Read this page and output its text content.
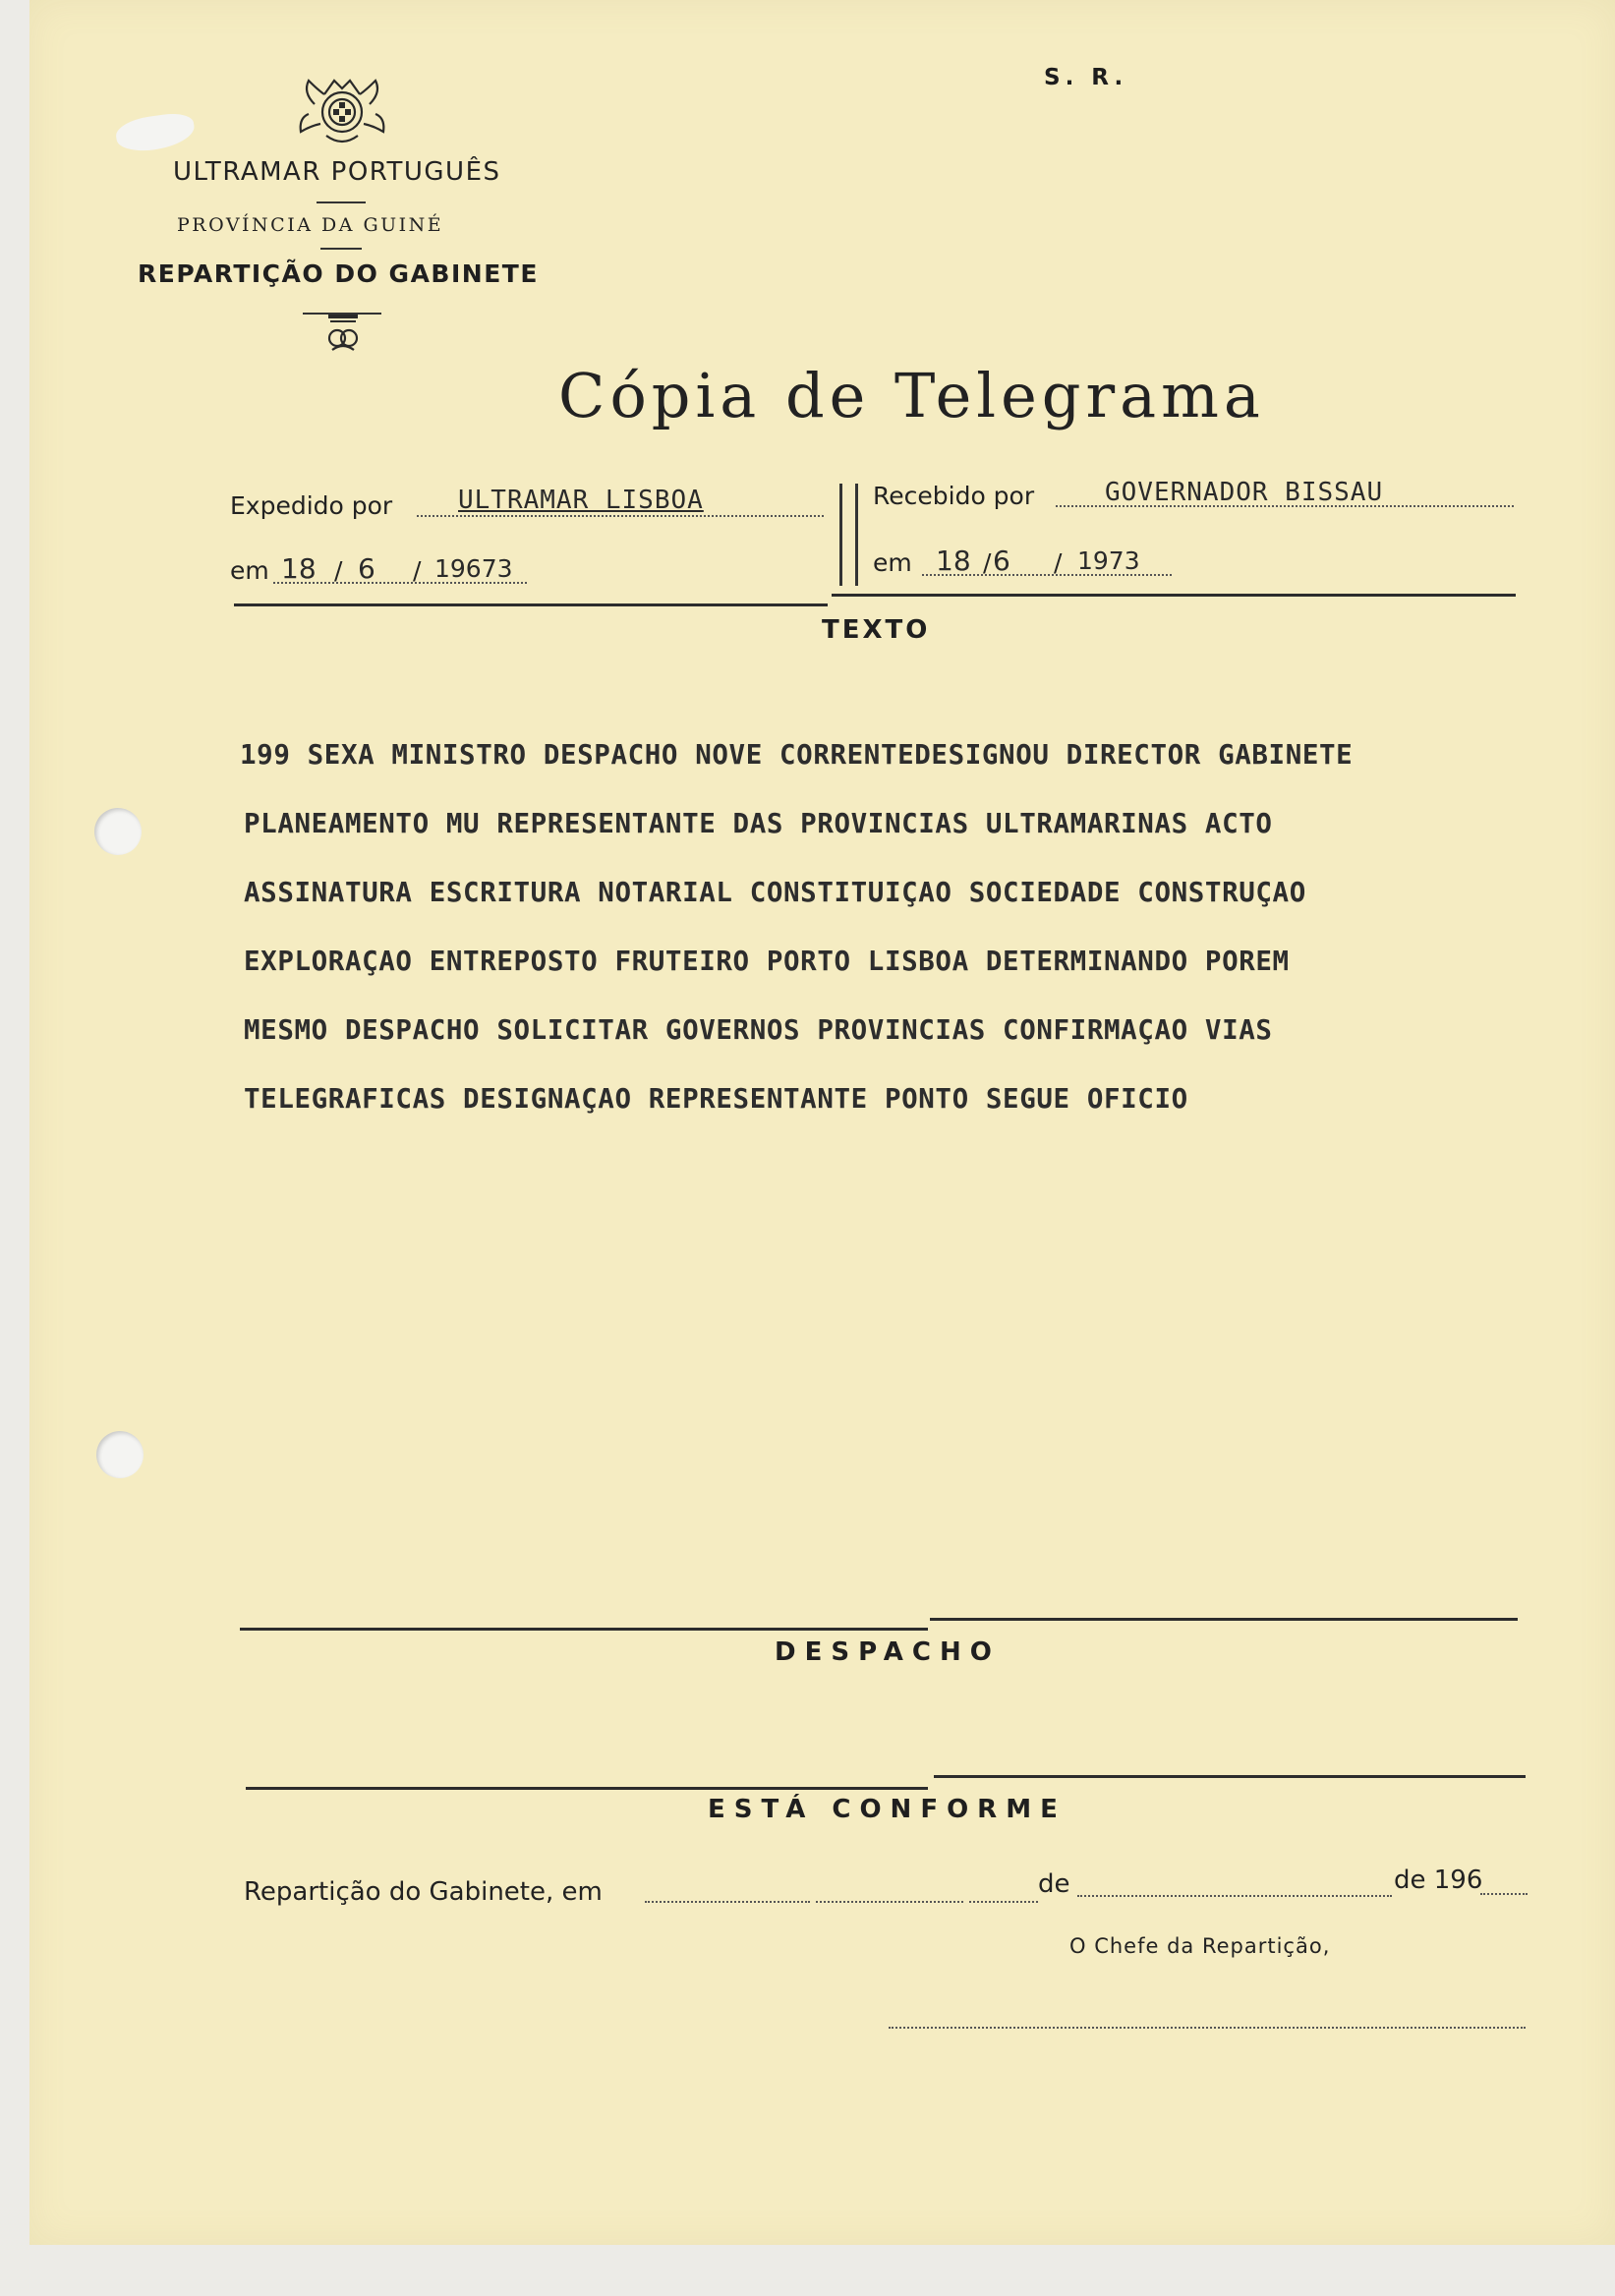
S. R.
ULTRAMAR PORTUGUÊS
PROVÍNCIA DA GUINÉ
REPARTIÇÃO DO GABINETE
Cópia de Telegrama
Expedido por	ULTRAMAR LISBOA
em 18 / 6 / 19673
Recebido por	GOVERNADOR BISSAU
em 18 / 6 / 1973
TEXTO
199 SEXA MINISTRO DESPACHO NOVE CORRENTEDESIGNOU DIRECTOR GABINETE
PLANEAMENTO MU REPRESENTANTE DAS PROVINCIAS ULTRAMARINAS ACTO
ASSINATURA ESCRITURA NOTARIAL CONSTITUIÇAO SOCIEDADE CONSTRUÇAO
EXPLORAÇAO ENTREPOSTO FRUTEIRO PORTO LISBOA DETERMINANDO POREM
MESMO DESPACHO SOLICITAR GOVERNOS PROVINCIAS CONFIRMAÇAO VIAS
TELEGRAFICAS DESIGNAÇAO REPRESENTANTE PONTO SEGUE OFICIO
DESPACHO
ESTÁ CONFORME
Repartição do Gabinete, em	de	de 196
O Chefe da Repartição,
